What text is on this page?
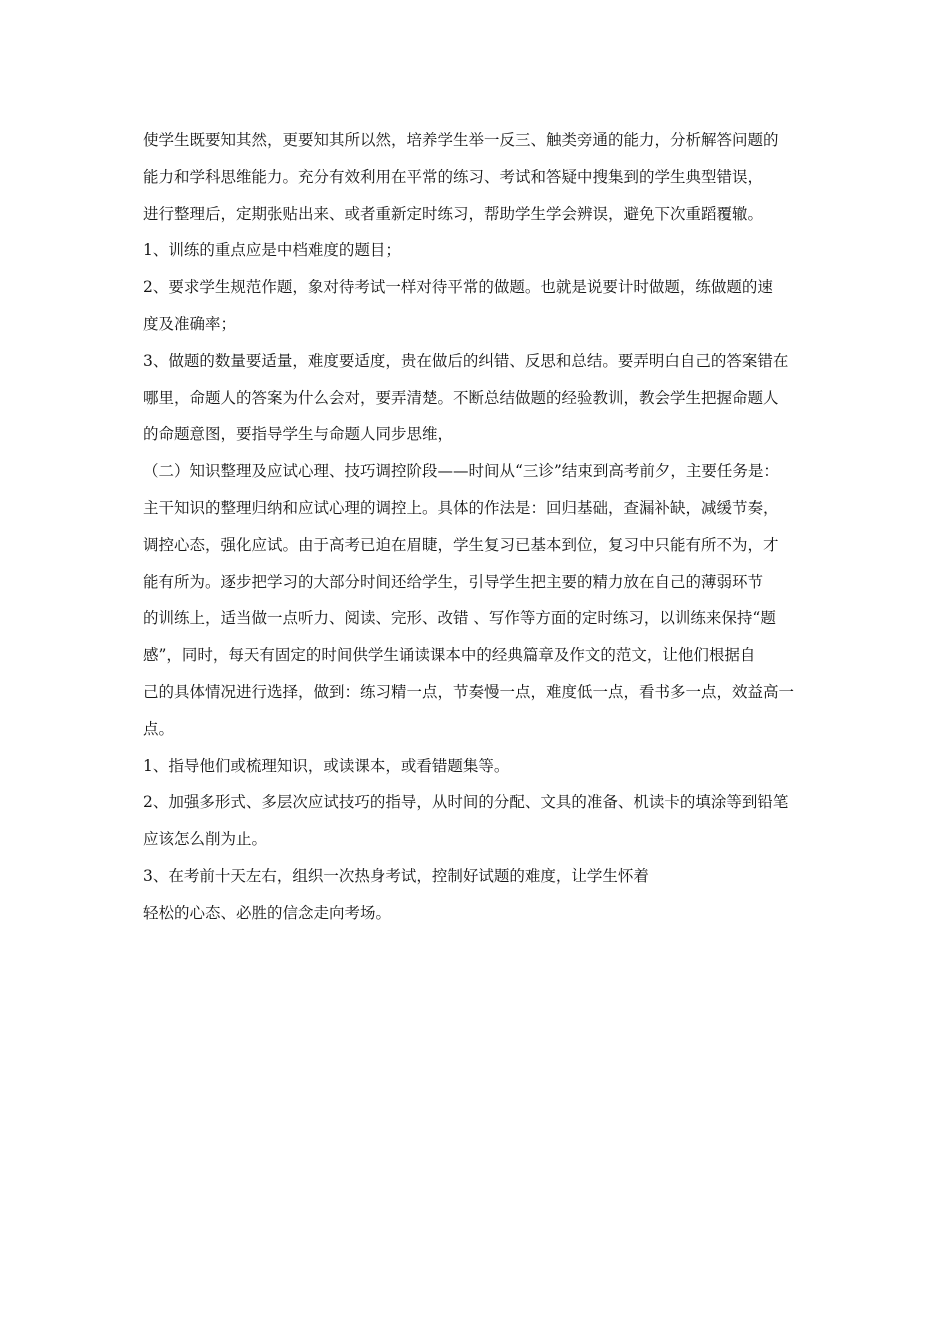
使学生既要知其然，更要知其所以然，培养学生举一反三、触类旁通的能力，分析解答问题的
能力和学科思维能力。充分有效利用在平常的练习、考试和答疑中搜集到的学生典型错误，
进行整理后，定期张贴出来、或者重新定时练习，帮助学生学会辨误，避免下次重蹈覆辙。
1、训练的重点应是中档难度的题目；
2、要求学生规范作题，象对待考试一样对待平常的做题。也就是说要计时做题，练做题的速
度及准确率；
3、做题的数量要适量，难度要适度，贵在做后的纠错、反思和总结。要弄明白自己的答案错在
哪里，命题人的答案为什么会对，要弄清楚。不断总结做题的经验教训，教会学生把握命题人
的命题意图，要指导学生与命题人同步思维，
（二）知识整理及应试心理、技巧调控阶段——时间从“三诊”结束到高考前夕，主要任务是：
主干知识的整理归纳和应试心理的调控上。具体的作法是：回归基础，查漏补缺，减缓节奏，
调控心态，强化应试。由于高考已迫在眉睫，学生复习已基本到位，复习中只能有所不为，才
能有所为。逐步把学习的大部分时间还给学生，引导学生把主要的精力放在自己的薄弱环节
的训练上，适当做一点听力、阅读、完形、改错 、写作等方面的定时练习，以训练来保持“题
感”，同时，每天有固定的时间供学生诵读课本中的经典篇章及作文的范文，让他们根据自
己的具体情况进行选择，做到：练习精一点，节奏慢一点，难度低一点，看书多一点，效益高一
点。
1、指导他们或梳理知识，或读课本，或看错题集等。
2、加强多形式、多层次应试技巧的指导，从时间的分配、文具的准备、机读卡的填涂等到铅笔
应该怎么削为止。
3、在考前十天左右，组织一次热身考试，控制好试题的难度，让学生怀着
轻松的心态、必胜的信念走向考场。
